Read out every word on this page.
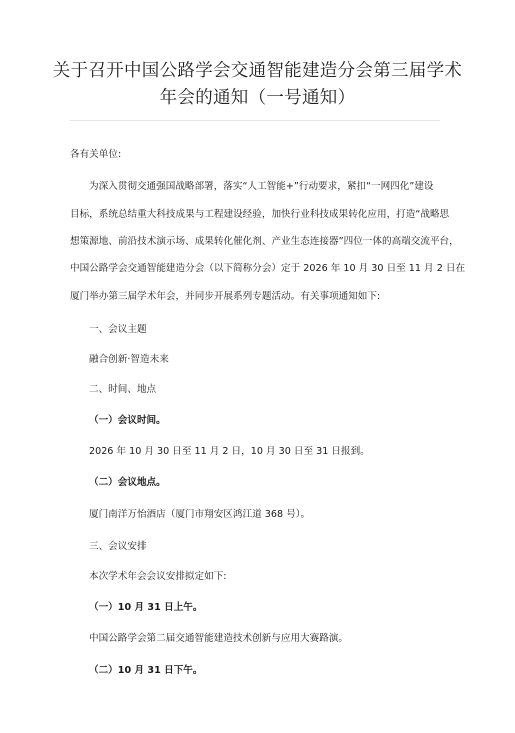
关于召开中国公路学会交通智能建造分会第三届学术
年会的通知（一号通知）
各有关单位:
为深入贯彻交通强国战略部署，落实“人工智能+”行动要求，紧扣“一网四化”建设
目标，系统总结重大科技成果与工程建设经验，加快行业科技成果转化应用，打造“战略思
想策源地、前沿技术演示场、成果转化催化剂、产业生态连接器”四位一体的高端交流平台，
中国公路学会交通智能建造分会（以下简称分会）定于 2026 年 10 月 30 日至 11 月 2 日在
厦门举办第三届学术年会，并同步开展系列专题活动。有关事项通知如下:
一、会议主题
融合创新·智造未来
二、时间、地点
（一）会议时间。
2026 年 10 月 30 日至 11 月 2 日，10 月 30 日至 31 日报到。
（二）会议地点。
厦门南洋万怡酒店（厦门市翔安区鸿江道 368 号）。
三、会议安排
本次学术年会会议安排拟定如下:
（一）10 月 31 日上午。
中国公路学会第二届交通智能建造技术创新与应用大赛路演。
（二）10 月 31 日下午。
